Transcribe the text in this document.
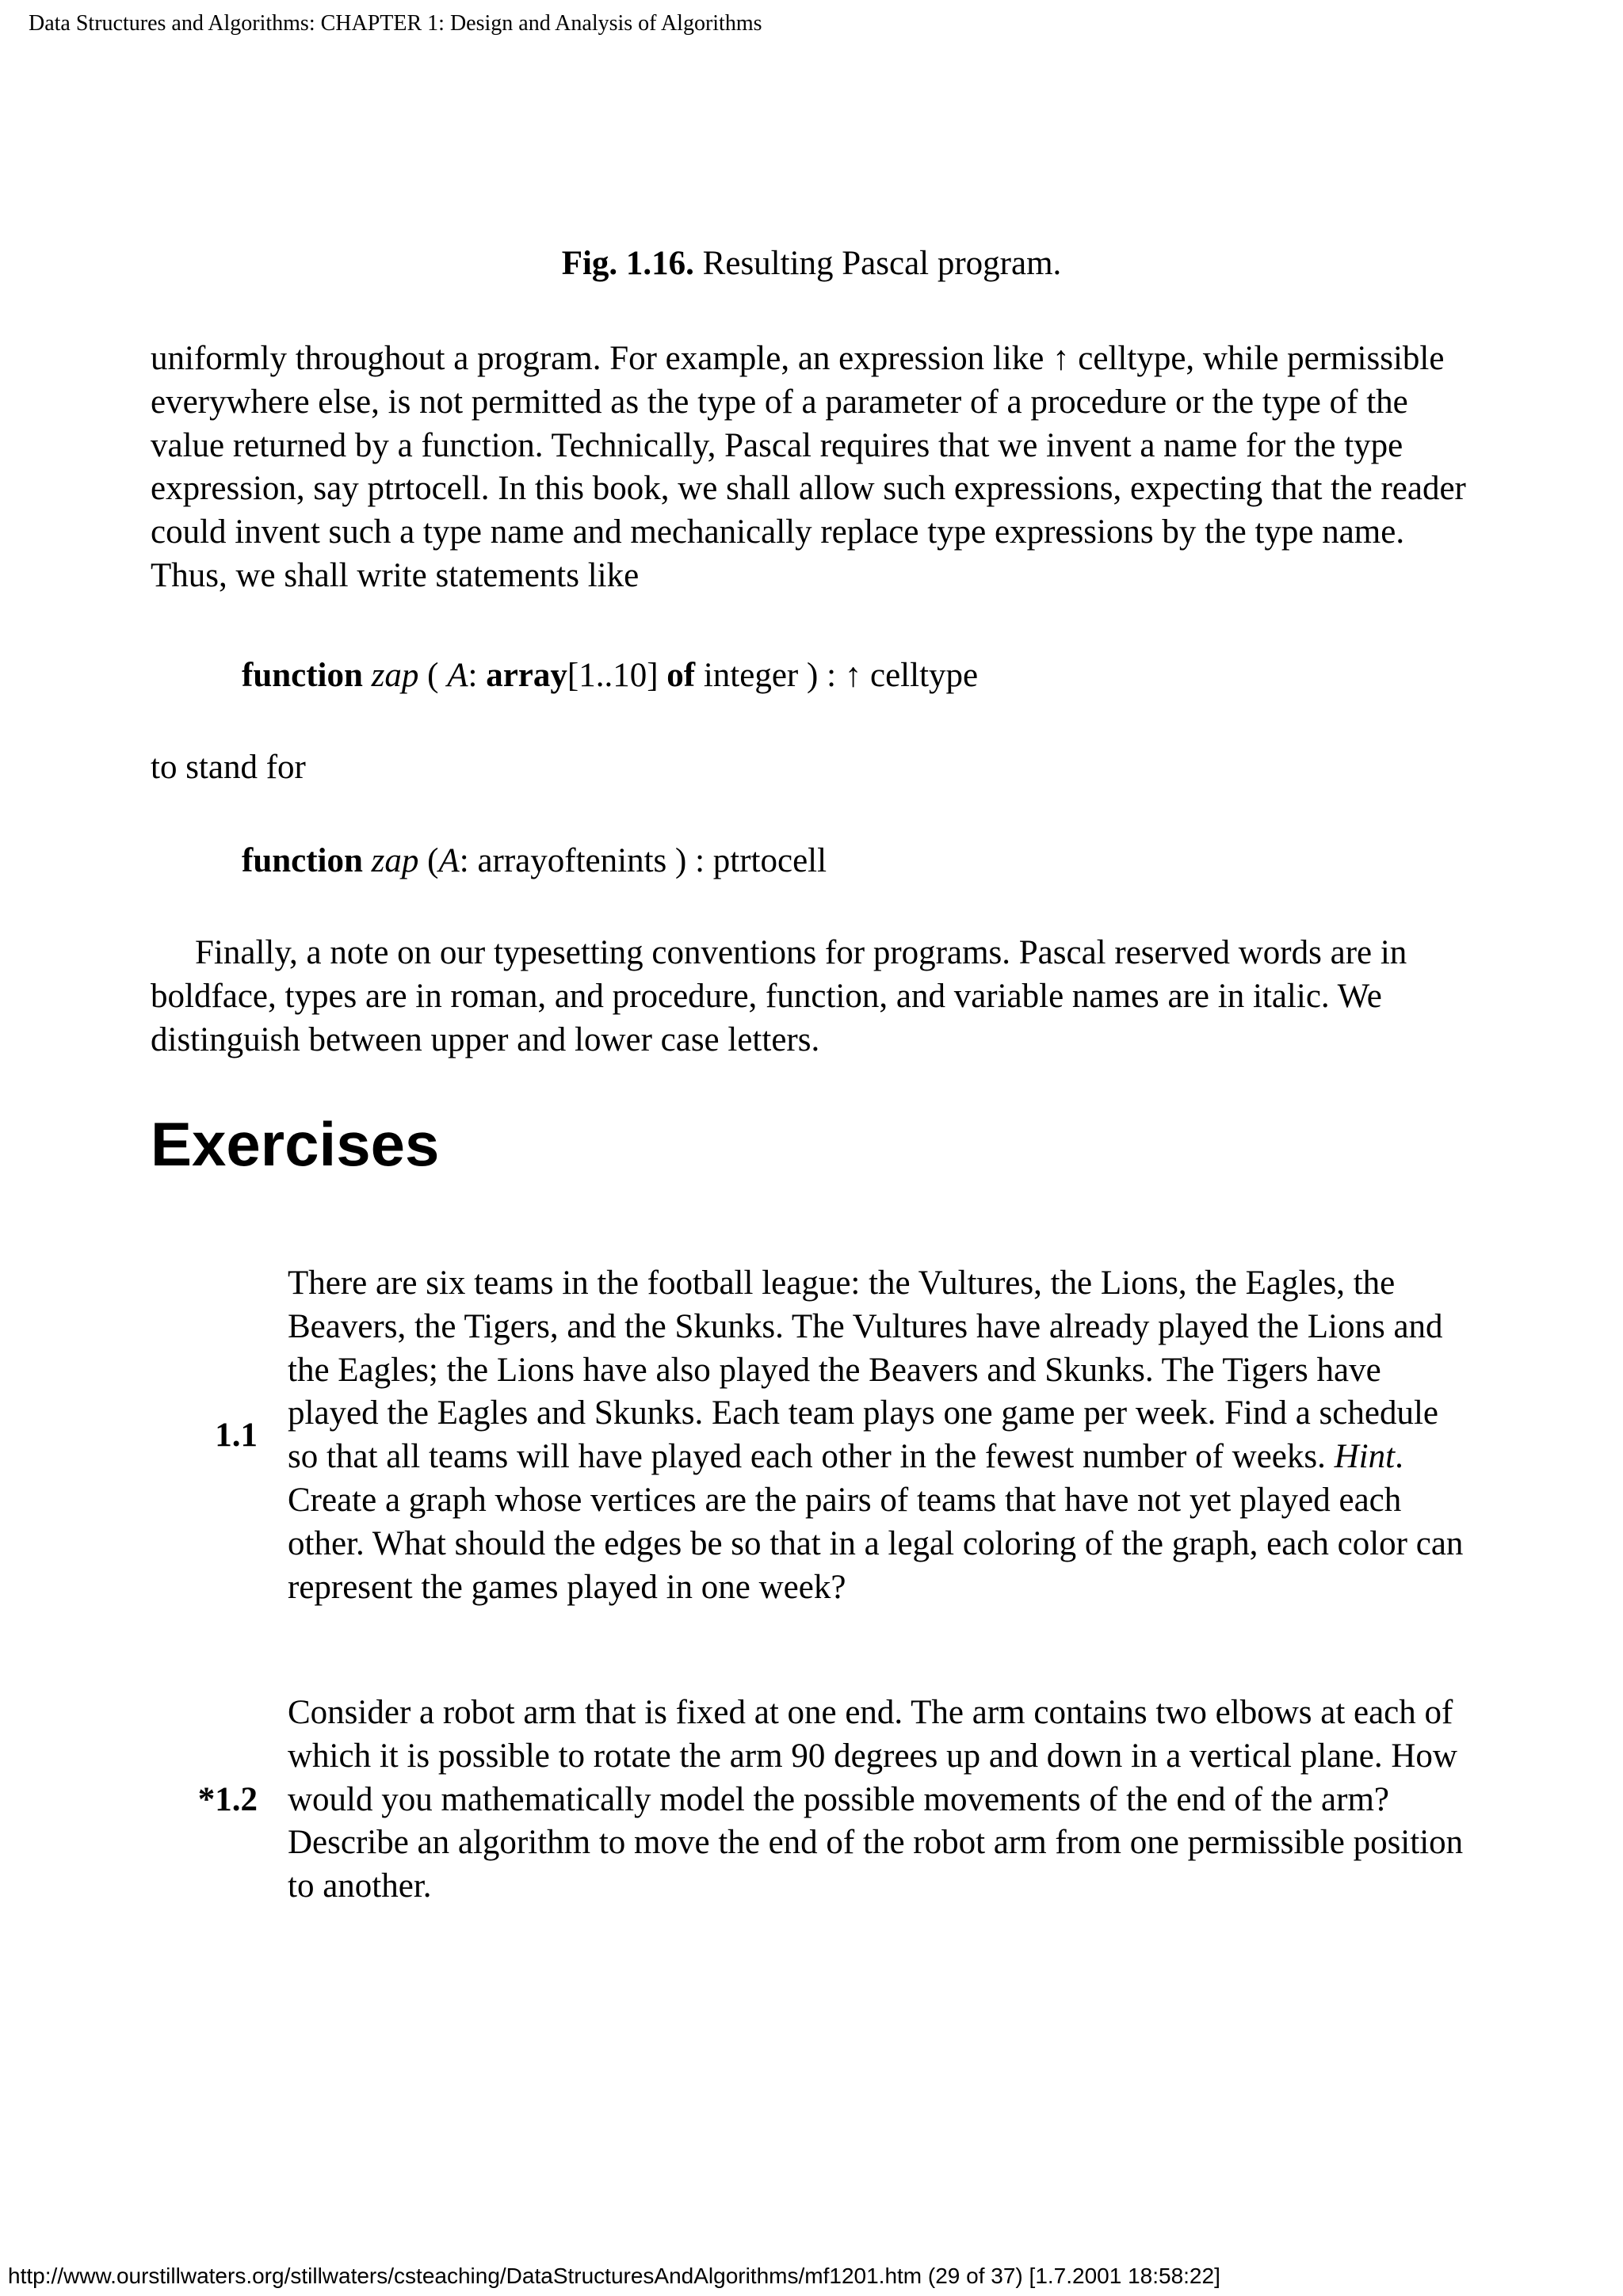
Data Structures and Algorithms: CHAPTER 1: Design and Analysis of Algorithms
Fig. 1.16. Resulting Pascal program.
uniformly throughout a program. For example, an expression like ↑ celltype, while permissible everywhere else, is not permitted as the type of a parameter of a procedure or the type of the value returned by a function. Technically, Pascal requires that we invent a name for the type expression, say ptrtocell. In this book, we shall allow such expressions, expecting that the reader could invent such a type name and mechanically replace type expressions by the type name. Thus, we shall write statements like
function zap ( A: array[1..10] of integer ) : ↑ celltype
to stand for
function zap (A: arrayoftenints ) : ptrtocell
Finally, a note on our typesetting conventions for programs. Pascal reserved words are in boldface, types are in roman, and procedure, function, and variable names are in italic. We distinguish between upper and lower case letters.
Exercises
1.1
There are six teams in the football league: the Vultures, the Lions, the Eagles, the Beavers, the Tigers, and the Skunks. The Vultures have already played the Lions and the Eagles; the Lions have also played the Beavers and Skunks. The Tigers have played the Eagles and Skunks. Each team plays one game per week. Find a schedule so that all teams will have played each other in the fewest number of weeks. Hint. Create a graph whose vertices are the pairs of teams that have not yet played each other. What should the edges be so that in a legal coloring of the graph, each color can represent the games played in one week?
*1.2
Consider a robot arm that is fixed at one end. The arm contains two elbows at each of which it is possible to rotate the arm 90 degrees up and down in a vertical plane. How would you mathematically model the possible movements of the end of the arm? Describe an algorithm to move the end of the robot arm from one permissible position to another.
http://www.ourstillwaters.org/stillwaters/csteaching/DataStructuresAndAlgorithms/mf1201.htm (29 of 37) [1.7.2001 18:58:22]
